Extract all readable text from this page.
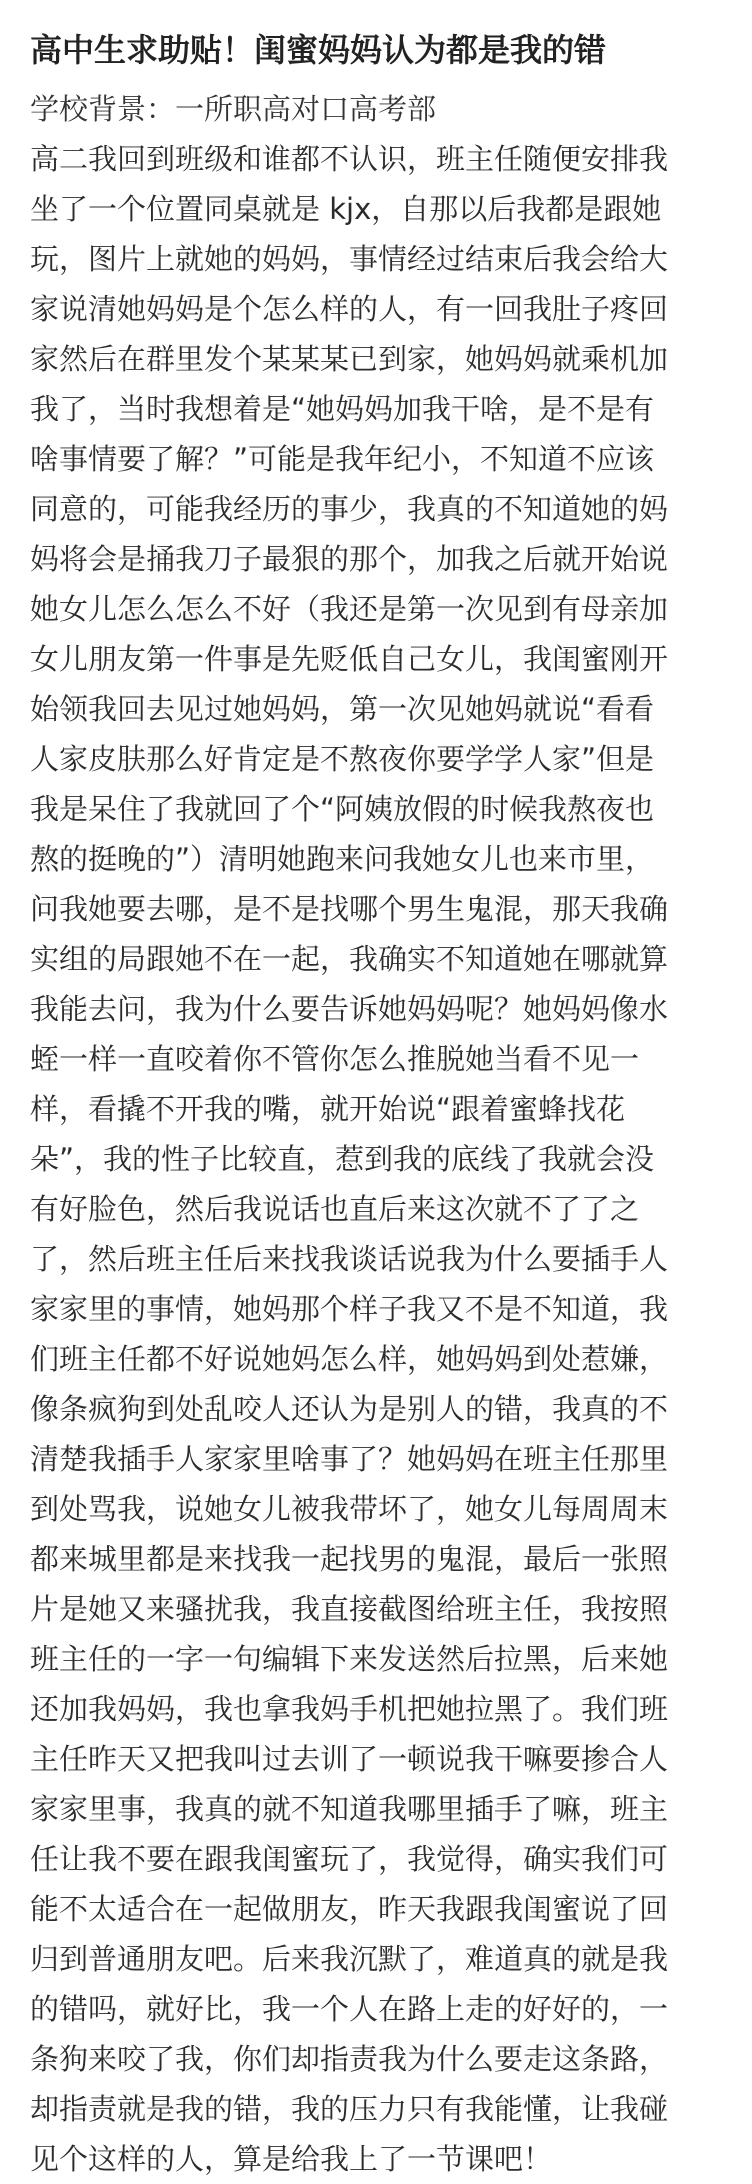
高中生求助贴！闺蜜妈妈认为都是我的错

学校背景：一所职高对口高考部

高二我回到班级和谁都不认识，班主任随便安排我

坐了一个位置同桌就是 kjx，自那以后我都是跟她

玩，图片上就她的妈妈，事情经过结束后我会给大

家说清她妈妈是个怎么样的人，有一回我肚子疼回

家然后在群里发个某某某已到家，她妈妈就乘机加

我了，当时我想着是“她妈妈加我干啥，是不是有

啥事情要了解？”可能是我年纪小，不知道不应该

同意的，可能我经历的事少，我真的不知道她的妈

妈将会是捅我刀子最狠的那个，加我之后就开始说

她女儿怎么怎么不好（我还是第一次见到有母亲加

女儿朋友第一件事是先贬低自己女儿，我闺蜜刚开

始领我回去见过她妈妈，第一次见她妈就说“看看

人家皮肤那么好肯定是不熬夜你要学学人家”但是

我是呆住了我就回了个“阿姨放假的时候我熬夜也

熬的挺晚的”）清明她跑来问我她女儿也来市里，

问我她要去哪，是不是找哪个男生鬼混，那天我确

实组的局跟她不在一起，我确实不知道她在哪就算

我能去问，我为什么要告诉她妈妈呢？她妈妈像水

蛭一样一直咬着你不管你怎么推脱她当看不见一

样，看撬不开我的嘴，就开始说“跟着蜜蜂找花

朵”，我的性子比较直，惹到我的底线了我就会没

有好脸色，然后我说话也直后来这次就不了了之

了，然后班主任后来找我谈话说我为什么要插手人

家家里的事情，她妈那个样子我又不是不知道，我

们班主任都不好说她妈怎么样，她妈妈到处惹嫌，

像条疯狗到处乱咬人还认为是别人的错，我真的不

清楚我插手人家家里啥事了？她妈妈在班主任那里

到处骂我，说她女儿被我带坏了，她女儿每周周末

都来城里都是来找我一起找男的鬼混，最后一张照

片是她又来骚扰我，我直接截图给班主任，我按照

班主任的一字一句编辑下来发送然后拉黑，后来她

还加我妈妈，我也拿我妈手机把她拉黑了。我们班

主任昨天又把我叫过去训了一顿说我干嘛要掺合人

家家里事，我真的就不知道我哪里插手了嘛，班主

任让我不要在跟我闺蜜玩了，我觉得，确实我们可

能不太适合在一起做朋友，昨天我跟我闺蜜说了回

归到普通朋友吧。后来我沉默了，难道真的就是我

的错吗，就好比，我一个人在路上走的好好的，一

条狗来咬了我，你们却指责我为什么要走这条路，

却指责就是我的错，我的压力只有我能懂，让我碰

见个这样的人，算是给我上了一节课吧！
